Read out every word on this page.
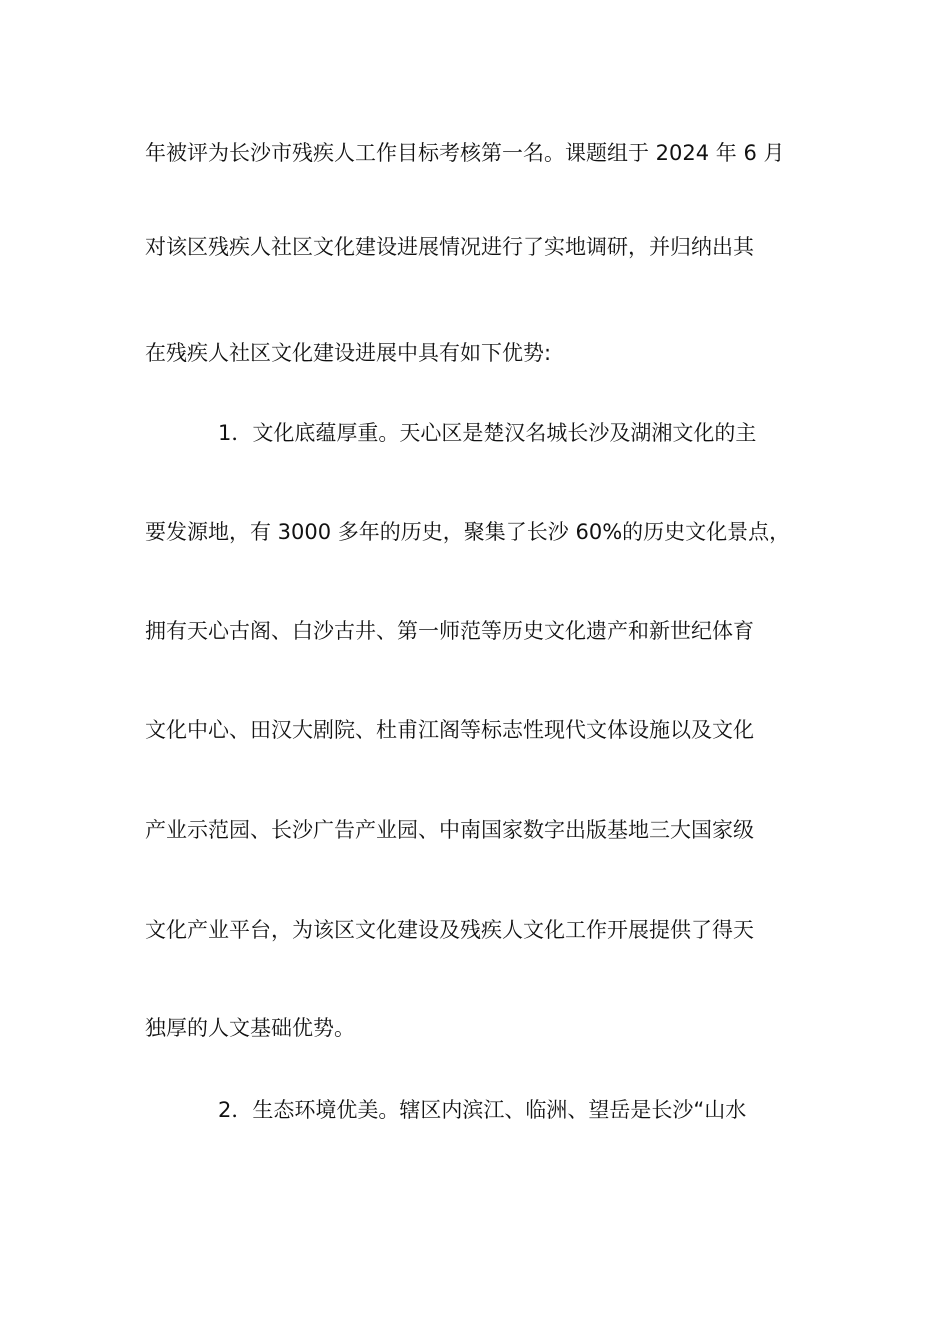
年被评为长沙市残疾人工作目标考核第一名。课题组于 2024 年 6 月
对该区残疾人社区文化建设进展情况进行了实地调研，并归纳出其
在残疾人社区文化建设进展中具有如下优势:
1．文化底蕴厚重。天心区是楚汉名城长沙及湖湘文化的主
要发源地，有 3000 多年的历史，聚集了长沙 60%的历史文化景点，
拥有天心古阁、白沙古井、第一师范等历史文化遗产和新世纪体育
文化中心、田汉大剧院、杜甫江阁等标志性现代文体设施以及文化
产业示范园、长沙广告产业园、中南国家数字出版基地三大国家级
文化产业平台，为该区文化建设及残疾人文化工作开展提供了得天
独厚的人文基础优势。
2．生态环境优美。辖区内滨江、临洲、望岳是长沙“山水
